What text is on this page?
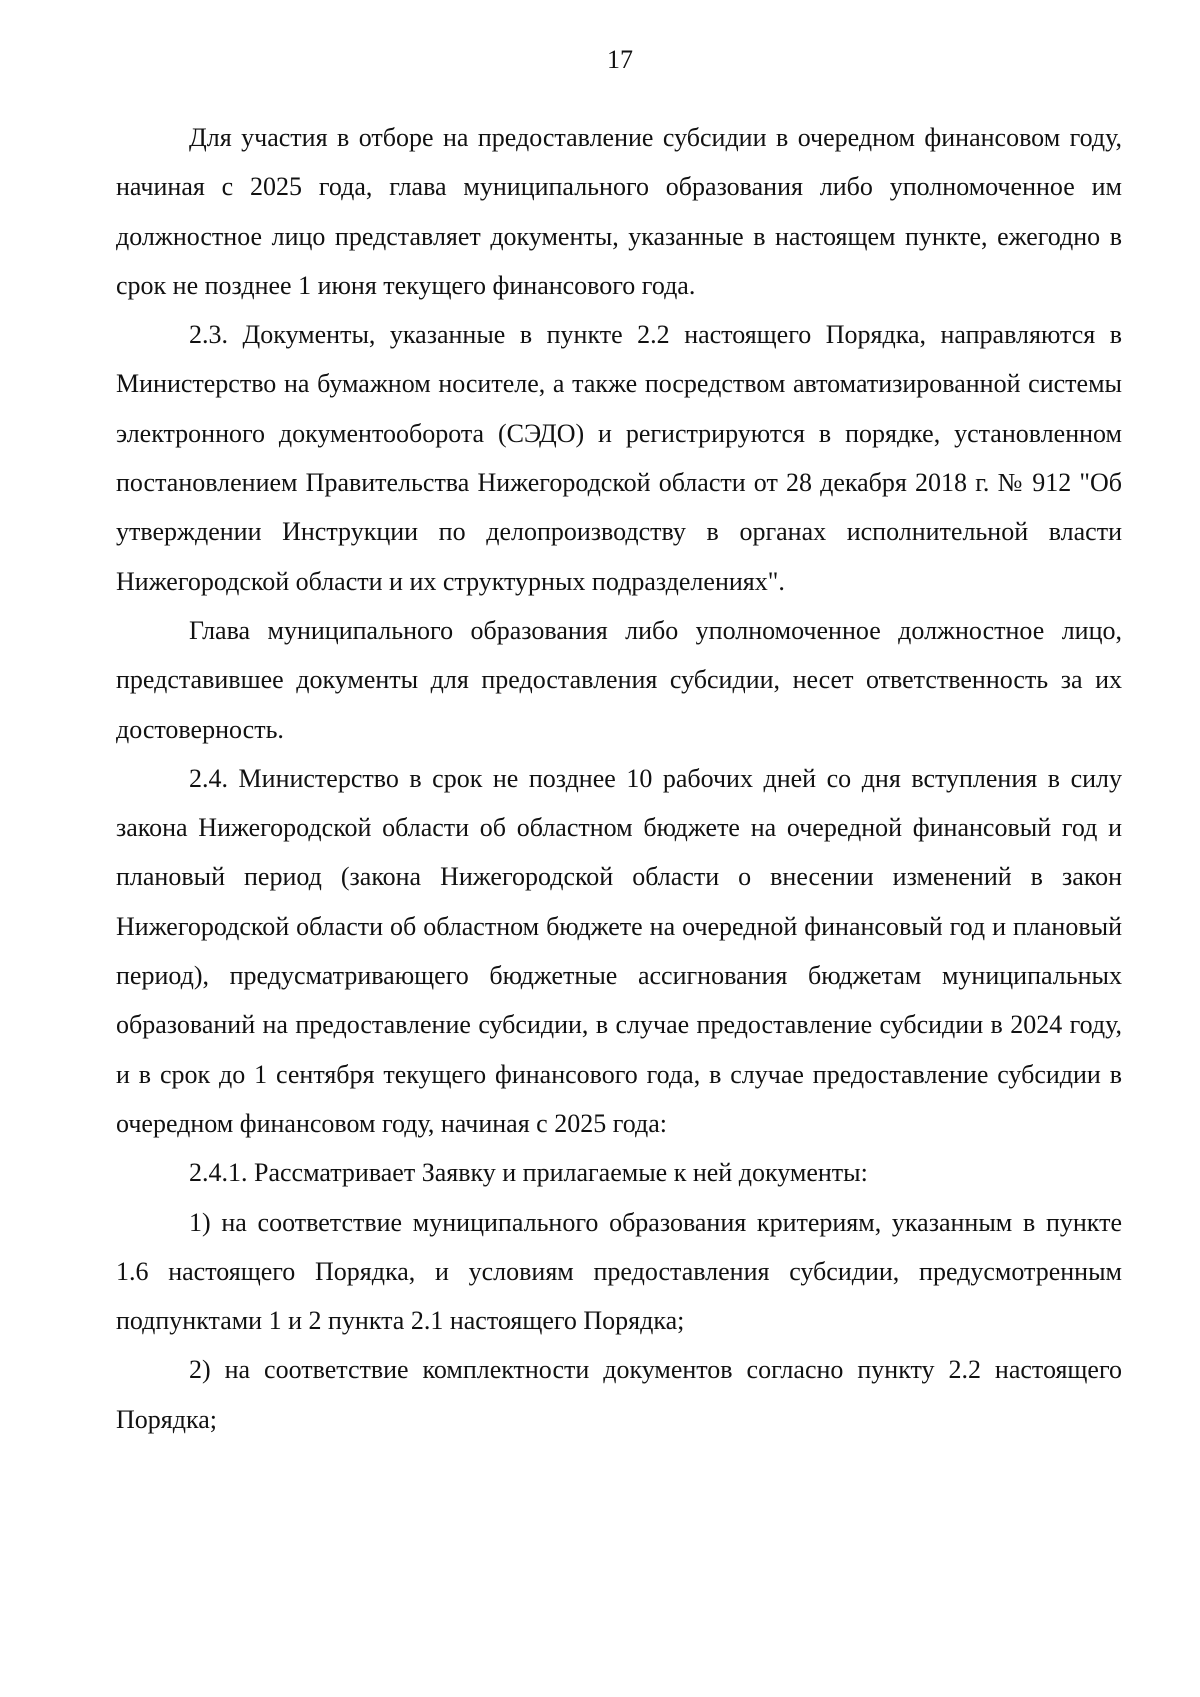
17

Для участия в отборе на предоставление субсидии в очередном финансовом году, начиная с 2025 года, глава муниципального образования либо уполномоченное им должностное лицо представляет документы, указанные в настоящем пункте, ежегодно в срок не позднее 1 июня текущего финансового года.

2.3. Документы, указанные в пункте 2.2 настоящего Порядка, направляются в Министерство на бумажном носителе, а также посредством автоматизированной системы электронного документооборота (СЭДО) и регистрируются в порядке, установленном постановлением Правительства Нижегородской области от 28 декабря 2018 г. № 912 "Об утверждении Инструкции по делопроизводству в органах исполнительной власти Нижегородской области и их структурных подразделениях".

Глава муниципального образования либо уполномоченное должностное лицо, представившее документы для предоставления субсидии, несет ответственность за их достоверность.

2.4. Министерство в срок не позднее 10 рабочих дней со дня вступления в силу закона Нижегородской области об областном бюджете на очередной финансовый год и плановый период (закона Нижегородской области о внесении изменений в закон Нижегородской области об областном бюджете на очередной финансовый год и плановый период), предусматривающего бюджетные ассигнования бюджетам муниципальных образований на предоставление субсидии, в случае предоставление субсидии в 2024 году, и в срок до 1 сентября текущего финансового года, в случае предоставление субсидии в очередном финансовом году, начиная с 2025 года:

2.4.1. Рассматривает Заявку и прилагаемые к ней документы:

1) на соответствие муниципального образования критериям, указанным в пункте 1.6 настоящего Порядка, и условиям предоставления субсидии, предусмотренным подпунктами 1 и 2 пункта 2.1 настоящего Порядка;

2) на соответствие комплектности документов согласно пункту 2.2 настоящего Порядка;
